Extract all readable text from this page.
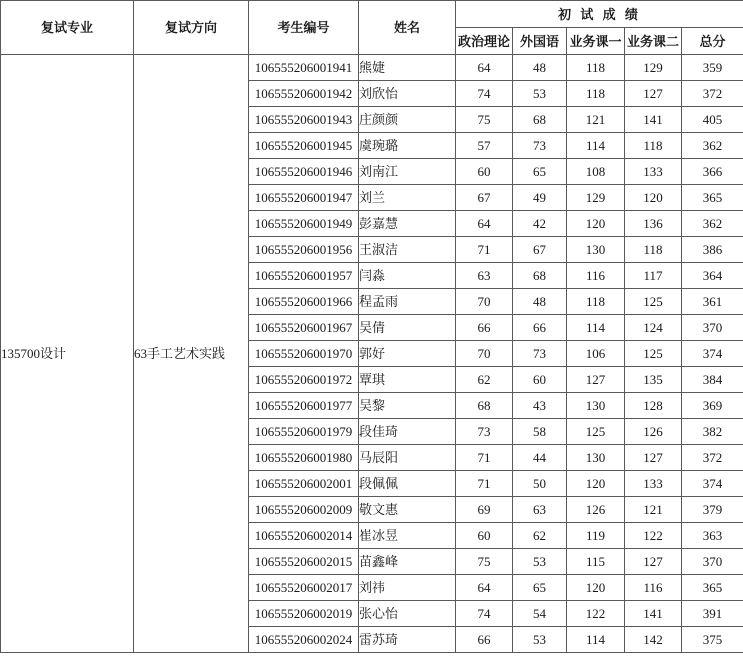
复试专业	复试方向	考生编号	姓名	初 试 成 绩				
				政治理论	外国语	业务课一	业务课二	总分
135700设计	63手工艺术实践	106555206001941	熊婕	64	48	118	129	359
		106555206001942	刘欣怡	74	53	118	127	372
		106555206001943	庄颜颜	75	68	121	141	405
		106555206001945	虞琬璐	57	73	114	118	362
		106555206001946	刘南江	60	65	108	133	366
		106555206001947	刘兰	67	49	129	120	365
		106555206001949	彭嘉慧	64	42	120	136	362
		106555206001956	王淑洁	71	67	130	118	386
		106555206001957	闫淼	63	68	116	117	364
		106555206001966	程孟雨	70	48	118	125	361
		106555206001967	吴倩	66	66	114	124	370
		106555206001970	郭好	70	73	106	125	374
		106555206001972	覃琪	62	60	127	135	384
		106555206001977	吴黎	68	43	130	128	369
		106555206001979	段佳琦	73	58	125	126	382
		106555206001980	马辰阳	71	44	130	127	372
		106555206002001	段佩佩	71	50	120	133	374
		106555206002009	敬文惠	69	63	126	121	379
		106555206002014	崔冰昱	60	62	119	122	363
		106555206002015	苗鑫峰	75	53	115	127	370
		106555206002017	刘祎	64	65	120	116	365
		106555206002019	张心怡	74	54	122	141	391
		106555206002024	雷苏琦	66	53	114	142	375
